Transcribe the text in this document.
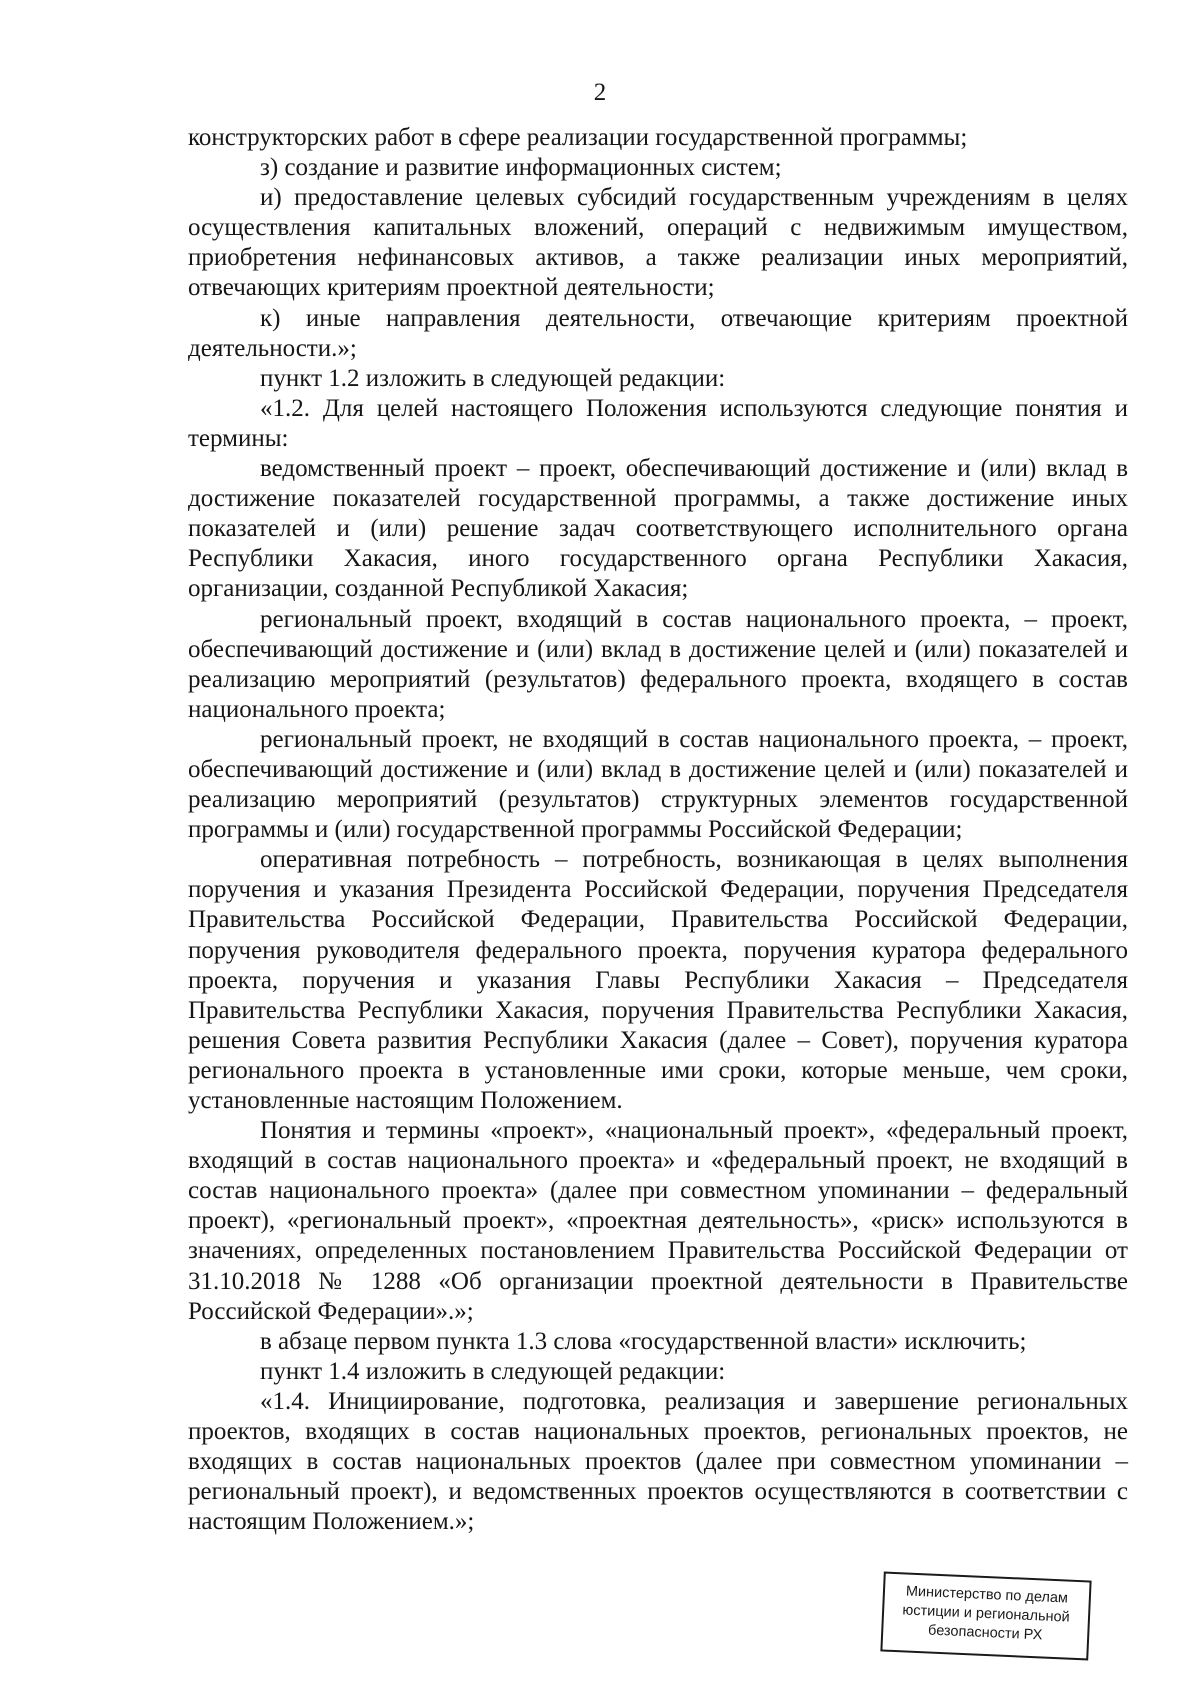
2

конструкторских работ в сфере реализации государственной программы;

з) создание и развитие информационных систем;

и) предоставление целевых субсидий государственным учреждениям в целях осуществления капитальных вложений, операций с недвижимым имуществом, приобретения нефинансовых активов, а также реализации иных мероприятий, отвечающих критериям проектной деятельности;

к) иные направления деятельности, отвечающие критериям проектной деятельности.»;

пункт 1.2 изложить в следующей редакции:

«1.2. Для целей настоящего Положения используются следующие понятия и термины:

ведомственный проект – проект, обеспечивающий достижение и (или) вклад в достижение показателей государственной программы, а также достижение иных показателей и (или) решение задач соответствующего исполнительного органа Республики Хакасия, иного государственного органа Республики Хакасия, организации, созданной Республикой Хакасия;

региональный проект, входящий в состав национального проекта, – проект, обеспечивающий достижение и (или) вклад в достижение целей и (или) показателей и реализацию мероприятий (результатов) федерального проекта, входящего в состав национального проекта;

региональный проект, не входящий в состав национального проекта, – проект, обеспечивающий достижение и (или) вклад в достижение целей и (или) показателей и реализацию мероприятий (результатов) структурных элементов государственной программы и (или) государственной программы Российской Федерации;

оперативная потребность – потребность, возникающая в целях выполнения поручения и указания Президента Российской Федерации, поручения Председателя Правительства Российской Федерации, Правительства Российской Федерации, поручения руководителя федерального проекта, поручения куратора федерального проекта, поручения и указания Главы Республики Хакасия – Председателя Правительства Республики Хакасия, поручения Правительства Республики Хакасия, решения Совета развития Республики Хакасия (далее – Совет), поручения куратора регионального проекта в установленные ими сроки, которые меньше, чем сроки, установленные настоящим Положением.

Понятия и термины «проект», «национальный проект», «федеральный проект, входящий в состав национального проекта» и «федеральный проект, не входящий в состав национального проекта» (далее при совместном упоминании – федеральный проект), «региональный проект», «проектная деятельность», «риск» используются в значениях, определенных постановлением Правительства Российской Федерации от 31.10.2018 № 1288 «Об организации проектной деятельности в Правительстве Российской Федерации».»;

в абзаце первом пункта 1.3 слова «государственной власти» исключить;

пункт 1.4 изложить в следующей редакции:

«1.4. Инициирование, подготовка, реализация и завершение региональных проектов, входящих в состав национальных проектов, региональных проектов, не входящих в состав национальных проектов (далее при совместном упоминании – региональный проект), и ведомственных проектов осуществляются в соответствии с настоящим Положением.»;

Министерство по делам
юстиции и региональной
безопасности РХ
